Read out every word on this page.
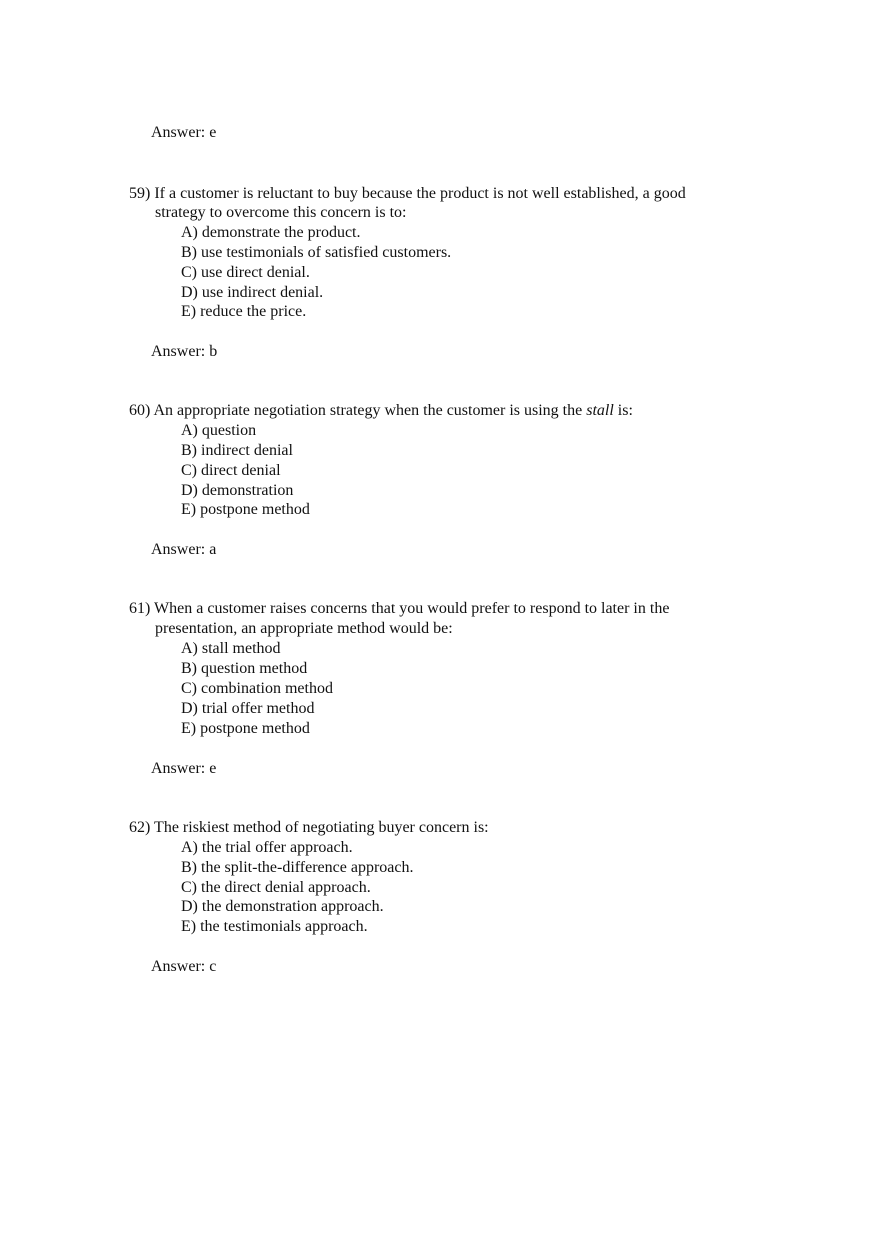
Answer: e
59) If a customer is reluctant to buy because the product is not well established, a good
strategy to overcome this concern is to:
A) demonstrate the product.
B) use testimonials of satisfied customers.
C) use direct denial.
D) use indirect denial.
E) reduce the price.
Answer: b
60) An appropriate negotiation strategy when the customer is using the stall is:
A) question
B) indirect denial
C) direct denial
D) demonstration
E) postpone method
Answer: a
61) When a customer raises concerns that you would prefer to respond to later in the
presentation, an appropriate method would be:
A) stall method
B) question method
C) combination method
D) trial offer method
E) postpone method
Answer: e
62) The riskiest method of negotiating buyer concern is:
A) the trial offer approach.
B) the split-the-difference approach.
C) the direct denial approach.
D) the demonstration approach.
E) the testimonials approach.
Answer: c
